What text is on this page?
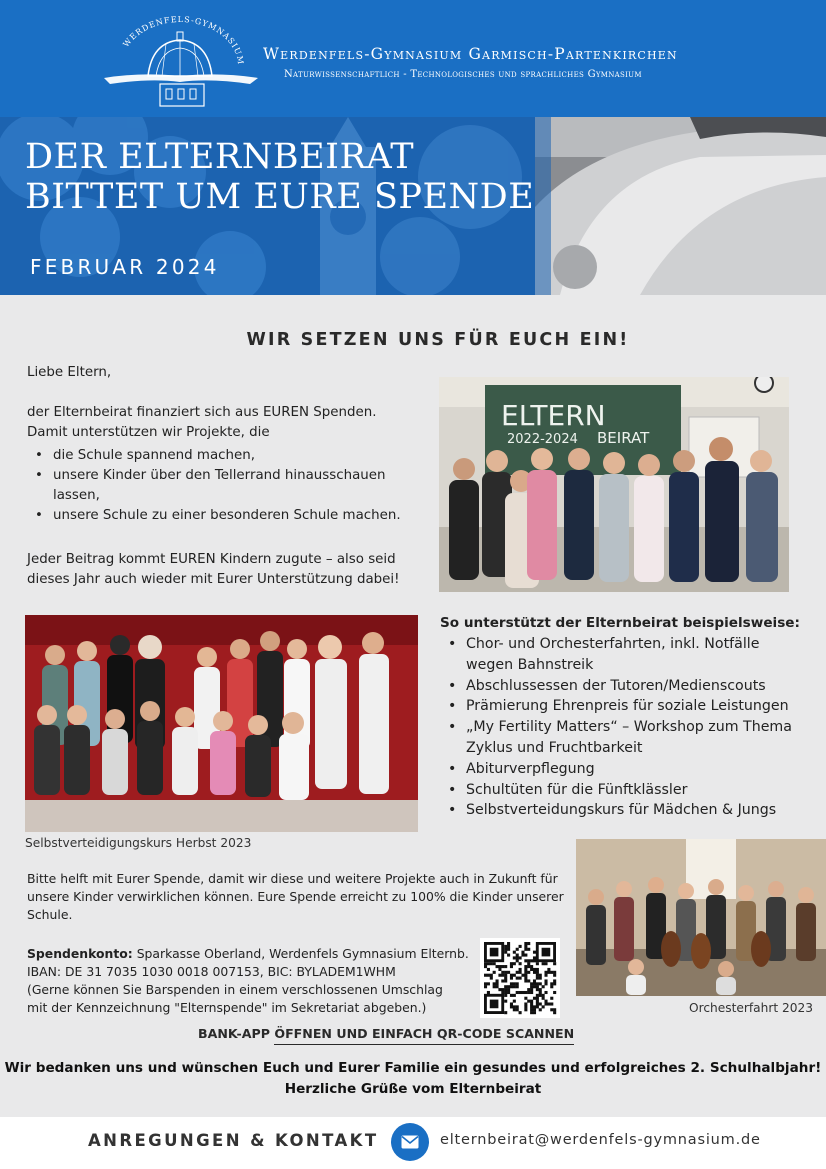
WERDENFELS-GYMNASIUM Werdenfels-Gymnasium Garmisch-Partenkirchen
Naturwissenschaftlich - Technologisches und sprachliches Gymnasium
DER ELTERNBEIRAT
BITTET UM EURE SPENDE
FEBRUAR 2024
WIR SETZEN UNS FÜR EUCH EIN!
Liebe Eltern,
der Elternbeirat finanziert sich aus EUREN Spenden.
Damit unterstützen wir Projekte, die
• die Schule spannend machen,
• unsere Kinder über den Tellerrand hinausschauen lassen,
• unsere Schule zu einer besonderen Schule machen.
Jeder Beitrag kommt EUREN Kindern zugute – also seid
dieses Jahr auch wieder mit Eurer Unterstützung dabei!
ELTERN
2022-2024 BEIRAT
Selbstverteidigungskurs Herbst 2023
So unterstützt der Elternbeirat beispielsweise:
• Chor- und Orchesterfahrten, inkl. Notfälle wegen Bahnstreik
• Abschlussessen der Tutoren/Medienscouts
• Prämierung Ehrenpreis für soziale Leistungen
• „My Fertility Matters“ – Workshop zum Thema Zyklus und Fruchtbarkeit
• Abiturverpflegung
• Schultüten für die Fünftklässler
• Selbstverteidungskurs für Mädchen & Jungs
Orchesterfahrt 2023
Bitte helft mit Eurer Spende, damit wir diese und weitere Projekte auch in Zukunft für unsere Kinder verwirklichen können. Eure Spende erreicht zu 100% die Kinder unserer Schule.
Spendenkonto: Sparkasse Oberland, Werdenfels Gymnasium Elternb.
IBAN: DE 31 7035 1030 0018 007153, BIC: BYLADEM1WHM
(Gerne können Sie Barspenden in einem verschlossenen Umschlag
mit der Kennzeichnung "Elternspende" im Sekretariat abgeben.)
BANK-APP ÖFFNEN UND EINFACH QR-CODE SCANNEN
Wir bedanken uns und wünschen Euch und Eurer Familie ein gesundes und erfolgreiches 2. Schulhalbjahr!
Herzliche Grüße vom Elternbeirat
ANREGUNGEN & KONTAKT	elternbeirat@werdenfels-gymnasium.de
